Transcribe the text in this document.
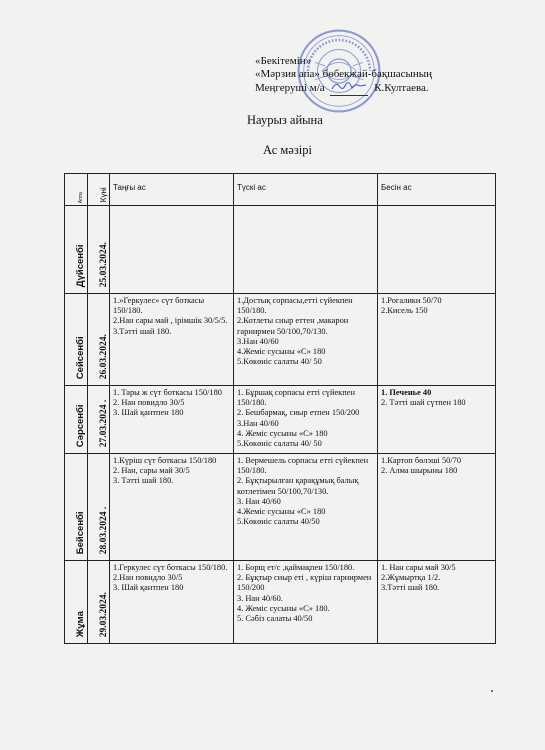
«Бекітемін»
«Мәрзия апа» бөбекжай-бақшасының
Меңгерушi м/а	К.Култаева.
Наурыз айына
Ас мәзірі
Апта	Күні	Таңғы ас	Түскі ас	Бесін ас

Дүйсенбі	25.03.2024.			

Сейсенбі	26.03.2024.	1.»Геркулес» сүт боткасы 150/180.
2.Нан сары май , ірімшік 30/5/5.
3.Тәтті шай 180.	1.Достық сорпасы,етті сүйекпен 150/180.
2.Котлеты сиыр еттен ,макарон гарнирмен 50/100,70/130.
3.Нан 40/60
4.Жеміс сусыны «С» 180
5.Көкөніс салаты 40/ 50	1.Рогалики 50/70
2.Кисель 150

Сәрсенбі	27.03.2024 .	1. Тары ж сүт боткасы 150/180
2. Нан повидло 30/5
3. Шай қантпен 180	1. Бұршақ сорпасы етті сүйекпен 150/180.
2. Бешбармақ, сиыр етпен 150/200
3.Нан 40/60
4. Жеміс сусыны «С» 180
5.Көкөніс салаты 40/ 50	1. Печенье 40
2. Тәтті шай сүтпен 180

Бейсенбі	28.03.2024 .	1.Күріш сүт боткасы 150/180
2. Нан, сары май 30/5
3. Тәтті шай 180.	1. Вермешель сорпасы етті сүйекпен 150/180.
2. Бұқтырылған қарақұмық балық котлетімен 50/100,70/130.
3. Нан 40/60
4.Жеміс сусыны «С» 180
5.Көкөніс салаты 40/50	1.Картоп бөлэші 50/70
2. Алма шырыны 180

Жұма	29.03.2024.	1.Геркулес сүт боткасы 150/180.
2.Нан повидло 30/5
3. Шай қантпен 180	1. Борщ ет/с ,қаймақпен 150/180.
2. Бұқтыр сиыр еті , күріш гарнирмен 150/200
3. Нан 40/60.
4. Жеміс сусыны «С» 180.
5. Сәбіз салаты 40/50	1. Нан сары май 30/5
2.Жұмыртқа 1/2.
3.Тәтті шай 180.
